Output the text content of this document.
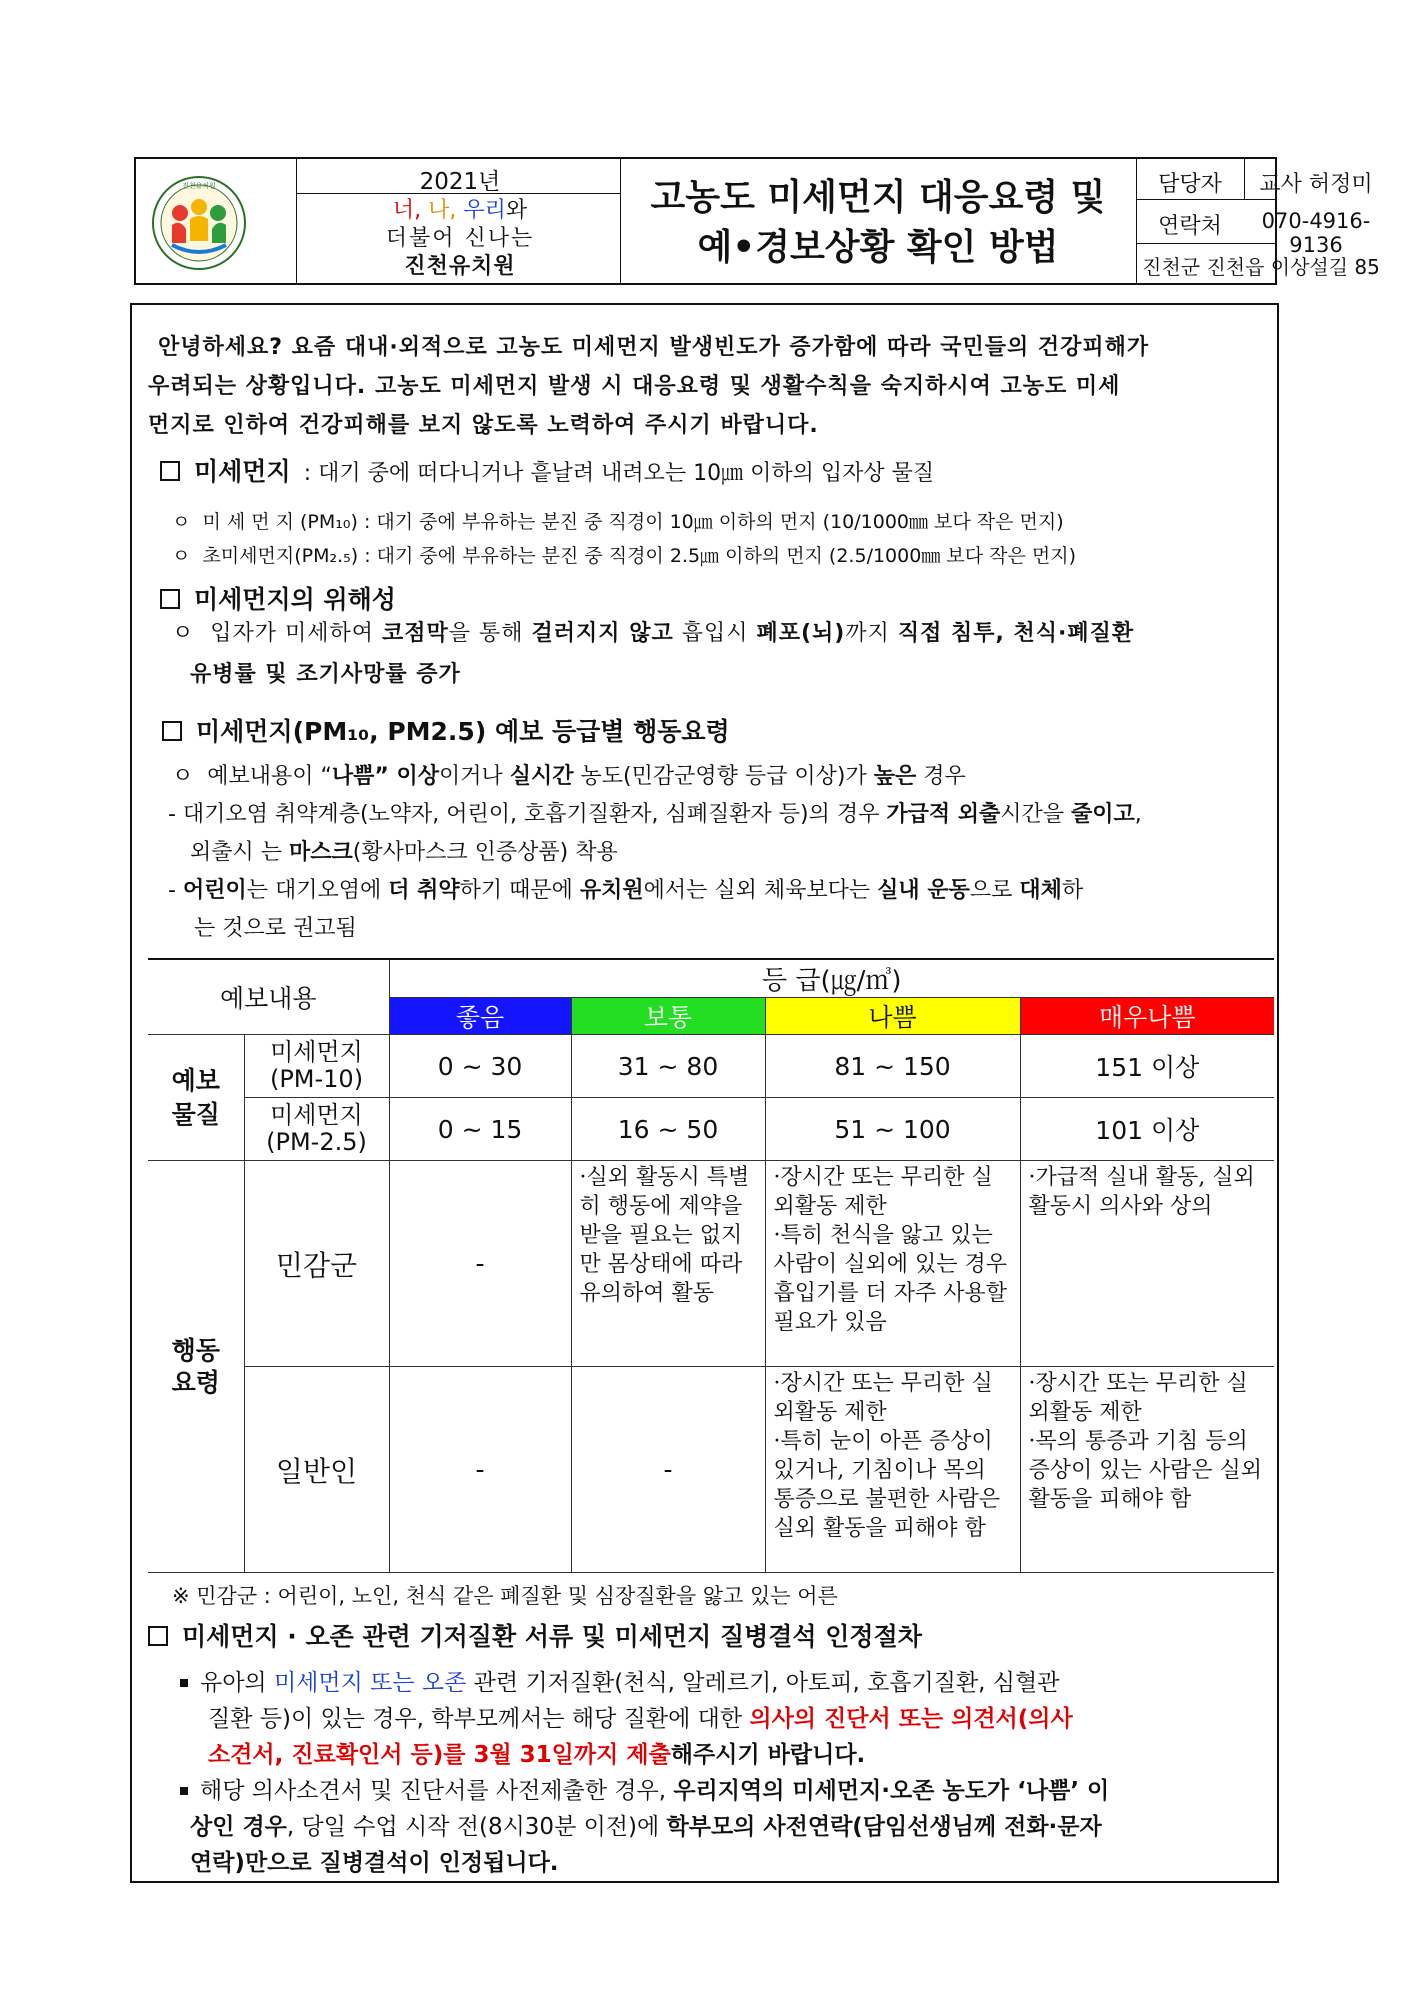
진천유치원	2021년
너, 나, 우리와
더불어 신나는
진천유치원
고농도 미세먼지 대응요령 및
예•경보상황 확인 방법
담당자	교사 허정미
연락처	070-4916-9136
진천군 진천읍 이상설길 85
안녕하세요? 요즘 대내·외적으로 고농도 미세먼지 발생빈도가 증가함에 따라 국민들의 건강피해가
우려되는 상황입니다. 고농도 미세먼지 발생 시 대응요령 및 생활수칙을 숙지하시여 고농도 미세
먼지로 인하여 건강피해를 보지 않도록 노력하여 주시기 바랍니다.
미세먼지 : 대기 중에 떠다니거나 흩날려 내려오는 10㎛ 이하의 입자상 물질
ㅇ  미 세 먼 지 (PM₁₀) : 대기 중에 부유하는 분진 중 직경이 10㎛ 이하의 먼지 (10/1000㎜ 보다 작은 먼지)
ㅇ  초미세먼지(PM₂.₅) : 대기 중에 부유하는 분진 중 직경이 2.5㎛ 이하의 먼지 (2.5/1000㎜ 보다 작은 먼지)
미세먼지의 위해성
ㅇ  입자가 미세하여 코점막을 통해 걸러지지 않고 흡입시 폐포(뇌)까지 직접 침투, 천식·폐질환
유병률 및 조기사망률 증가
미세먼지(PM₁₀, PM2.5) 예보 등급별 행동요령
ㅇ  예보내용이 “나쁨” 이상이거나 실시간 농도(민감군영향 등급 이상)가 높은 경우
- 대기오염 취약계층(노약자, 어린이, 호흡기질환자, 심폐질환자 등)의 경우 가급적 외출시간을 줄이고,
외출시 는 마스크(황사마스크 인증상품) 착용
- 어린이는 대기오염에 더 취약하기 때문에 유치원에서는 실외 체육보다는 실내 운동으로 대체하
는 것으로 권고됨
예보내용		등 급(㎍/㎥)			
		좋음	보통	나쁨	매우나쁨
예보
물질	미세먼지
(PM-10)	0 ~ 30	31 ~ 80	81 ~ 150	151 이상
	미세먼지
(PM-2.5)	0 ~ 15	16 ~ 50	51 ~ 100	101 이상
행동
요령	민감군	-	·실외 활동시 특별히 행동에 제약을 받을 필요는 없지만 몸상태에 따라 유의하여 활동	·장시간 또는 무리한 실외활동 제한
·특히 천식을 앓고 있는 사람이 실외에 있는 경우 흡입기를 더 자주 사용할 필요가 있음	·가급적 실내 활동, 실외 활동시 의사와 상의
	일반인	-	-	·장시간 또는 무리한 실외활동 제한
·특히 눈이 아픈 증상이 있거나, 기침이나 목의 통증으로 불편한 사람은 실외 활동을 피해야 함	·장시간 또는 무리한 실외활동 제한
·목의 통증과 기침 등의 증상이 있는 사람은 실외 활동을 피해야 함
※ 민감군 : 어린이, 노인, 천식 같은 폐질환 및 심장질환을 앓고 있는 어른
미세먼지 · 오존 관련 기저질환 서류 및 미세먼지 질병결석 인정절차
유아의 미세먼지 또는 오존 관련 기저질환(천식, 알레르기, 아토피, 호흡기질환, 심혈관
질환 등)이 있는 경우, 학부모께서는 해당 질환에 대한 의사의 진단서 또는 의견서(의사
소견서, 진료확인서 등)를 3월 31일까지 제출해주시기 바랍니다.
해당 의사소견서 및 진단서를 사전제출한 경우, 우리지역의 미세먼지·오존 농도가 ‘나쁨’ 이
상인 경우, 당일 수업 시작 전(8시30분 이전)에 학부모의 사전연락(담임선생님께 전화·문자
연락)만으로 질병결석이 인정됩니다.
